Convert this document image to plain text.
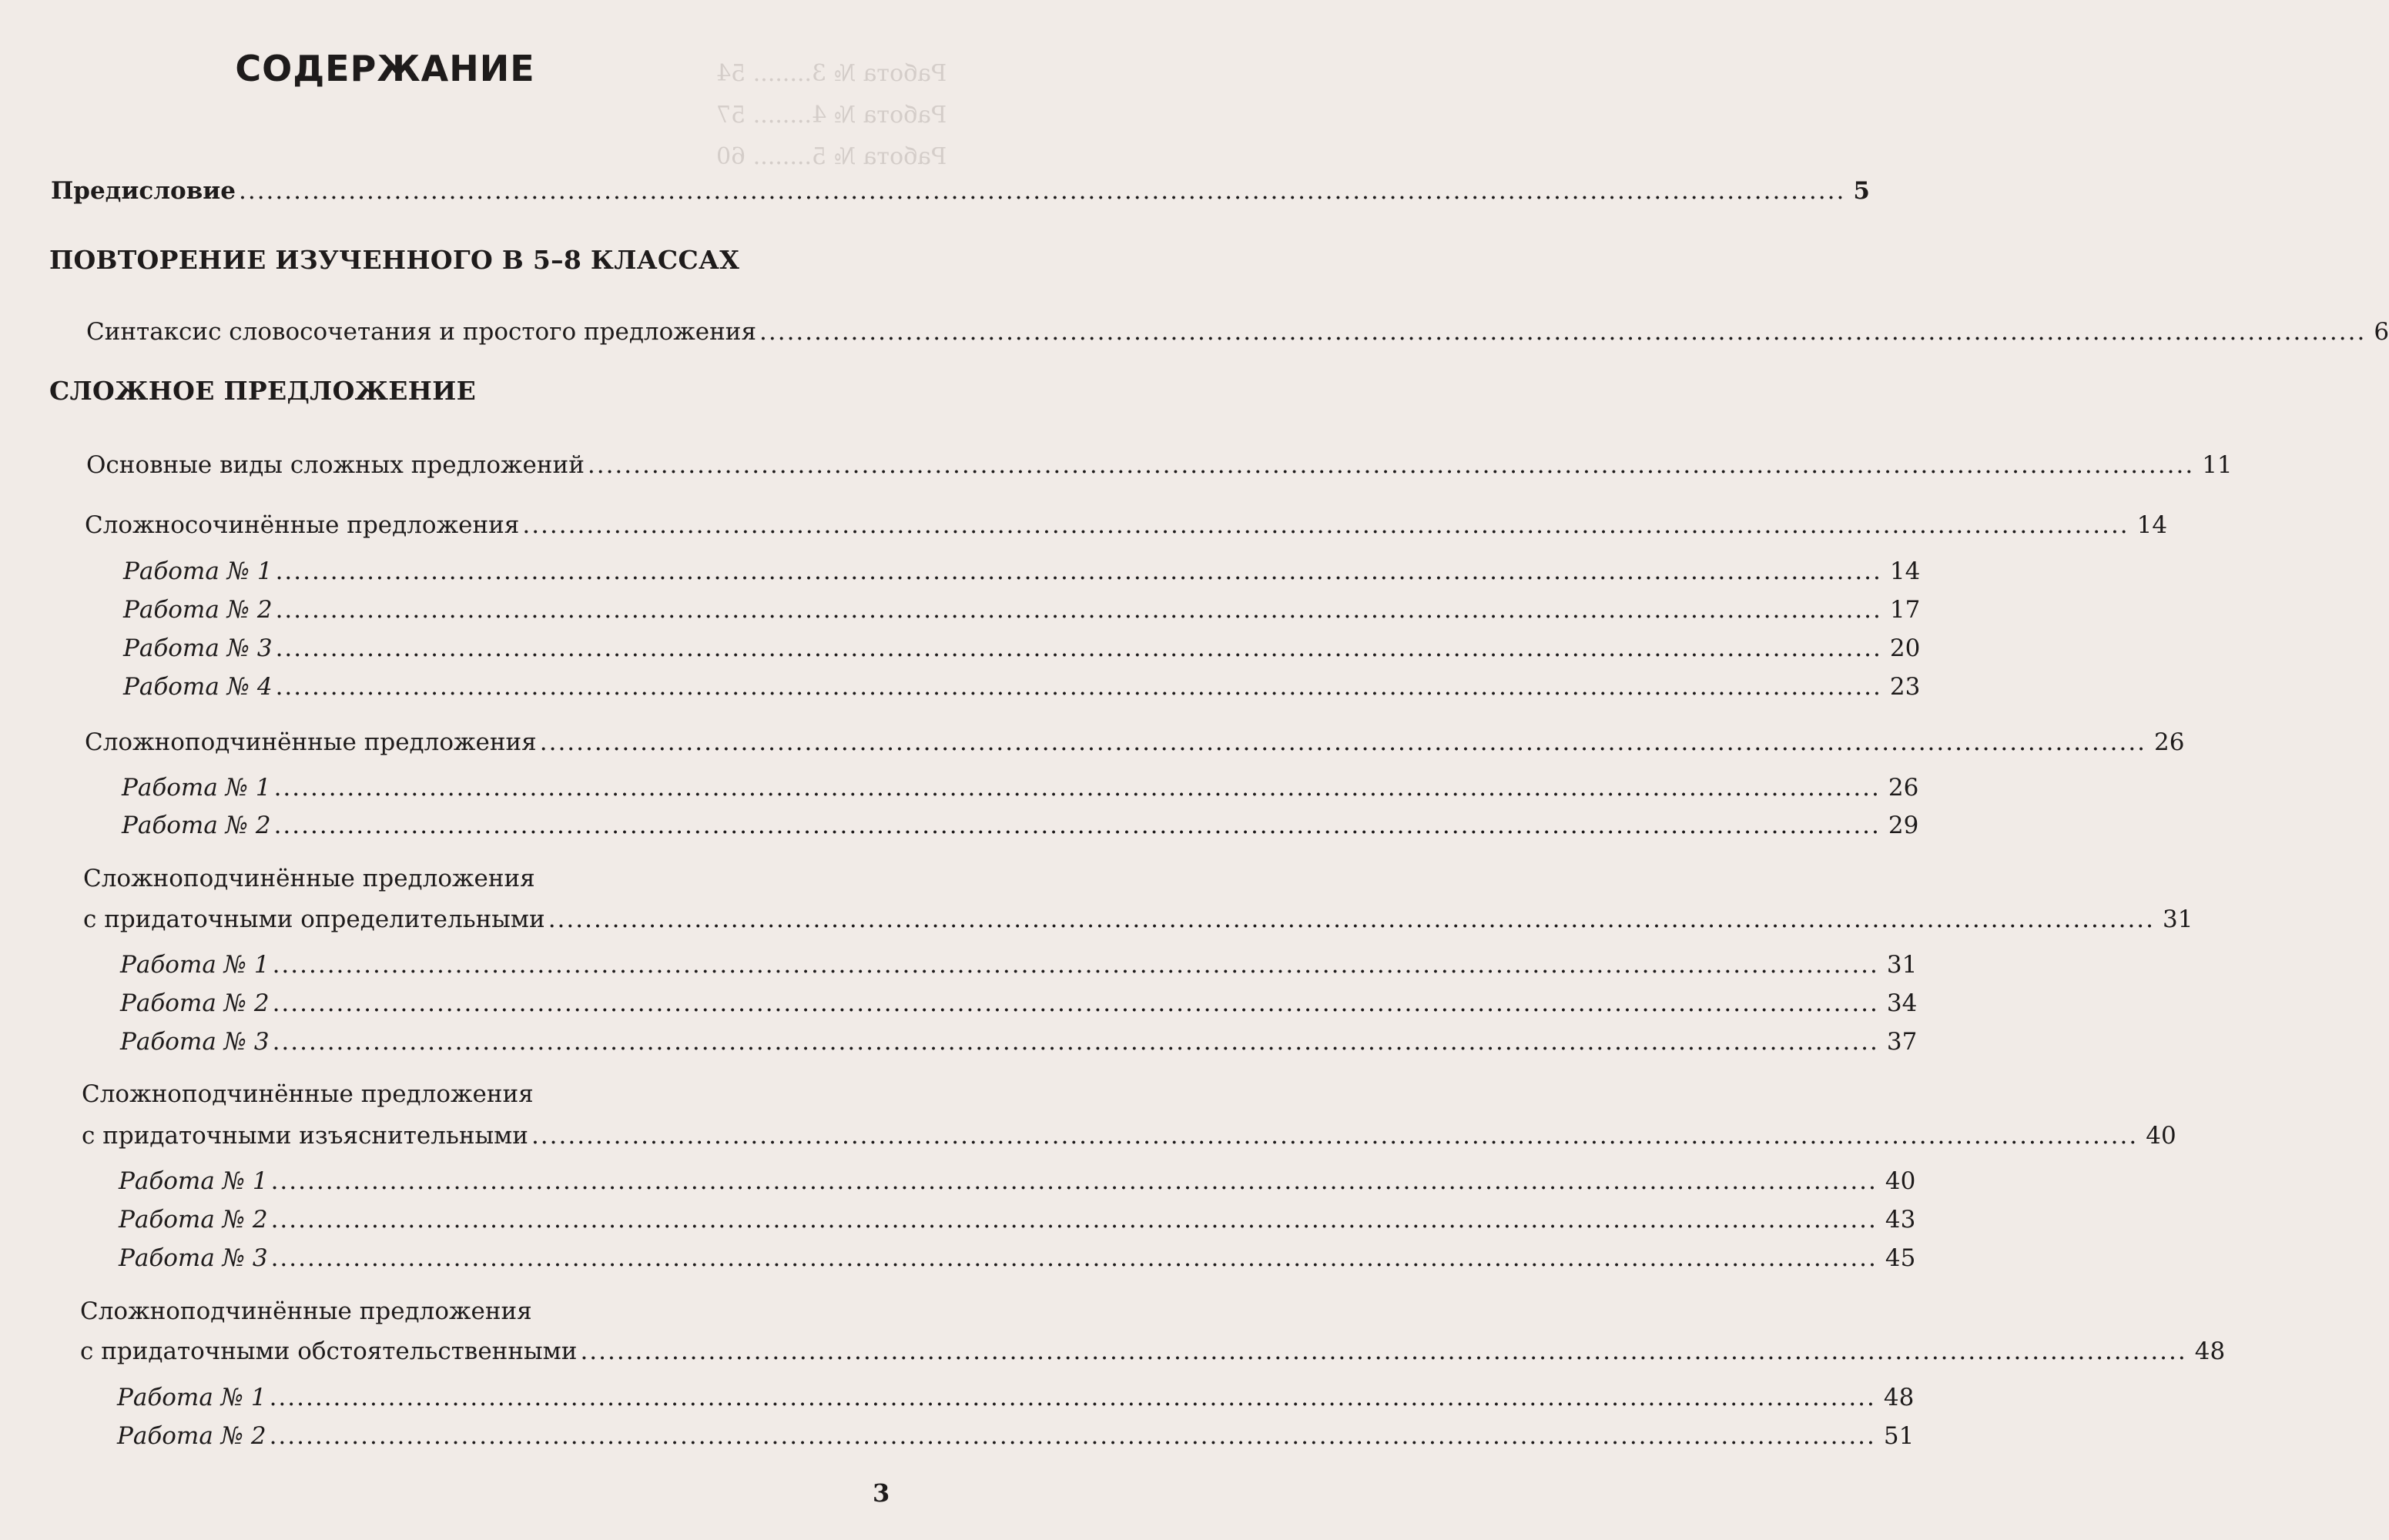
Работа № 3........ 54
Работа № 4........ 57
Работа № 5........ 60
СОДЕРЖАНИЕ
Предисловие ................................................................................................................................................................................ 5
ПОВТОРЕНИЕ ИЗУЧЕННОГО В 5–8 КЛАССАХ
Синтаксис словосочетания и простого предложения ................................................................................................................................................................................ 6
СЛОЖНОЕ ПРЕДЛОЖЕНИЕ
Основные виды сложных предложений ................................................................................................................................................................................ 11
Сложносочинённые предложения ................................................................................................................................................................................ 14
Работа № 1 ................................................................................................................................................................................ 14
Работа № 2 ................................................................................................................................................................................ 17
Работа № 3 ................................................................................................................................................................................ 20
Работа № 4 ................................................................................................................................................................................ 23
Сложноподчинённые предложения ................................................................................................................................................................................ 26
Работа № 1 ................................................................................................................................................................................ 26
Работа № 2 ................................................................................................................................................................................ 29
Сложноподчинённые предложения
с придаточными определительными ................................................................................................................................................................................ 31
Работа № 1 ................................................................................................................................................................................ 31
Работа № 2 ................................................................................................................................................................................ 34
Работа № 3 ................................................................................................................................................................................ 37
Сложноподчинённые предложения
с придаточными изъяснительными ................................................................................................................................................................................ 40
Работа № 1 ................................................................................................................................................................................ 40
Работа № 2 ................................................................................................................................................................................ 43
Работа № 3 ................................................................................................................................................................................ 45
Сложноподчинённые предложения
с придаточными обстоятельственными ................................................................................................................................................................................ 48
Работа № 1 ................................................................................................................................................................................ 48
Работа № 2 ................................................................................................................................................................................ 51
3
